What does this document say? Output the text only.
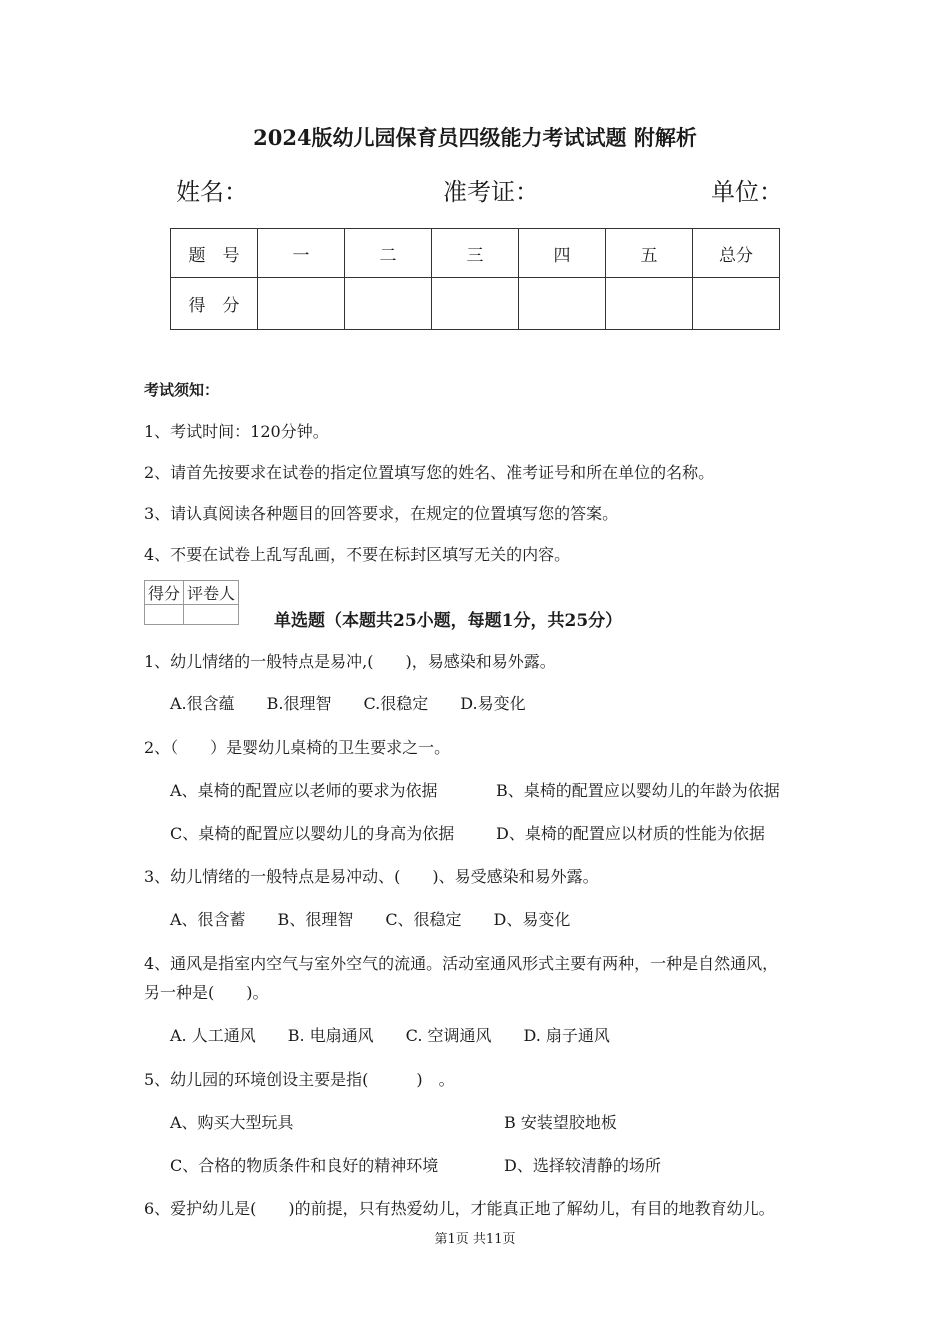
2024版幼儿园保育员四级能力考试试题 附解析
姓名：	准考证：	单位：
题　号	一	二	三	四	五	总分
得　分						
考试须知：
1、考试时间：120分钟。
2、请首先按要求在试卷的指定位置填写您的姓名、准考证号和所在单位的名称。
3、请认真阅读各种题目的回答要求，在规定的位置填写您的答案。
4、不要在试卷上乱写乱画，不要在标封区填写无关的内容。
得分	评卷人

单选题（本题共25小题，每题1分，共25分）
1、幼儿情绪的一般特点是易冲,(　　)，易感染和易外露。
A.很含蕴　　B.很理智　　C.很稳定　　D.易变化
2、（　　）是婴幼儿桌椅的卫生要求之一。
A、桌椅的配置应以老师的要求为依据	B、桌椅的配置应以婴幼儿的年龄为依据
C、桌椅的配置应以婴幼儿的身高为依据	D、桌椅的配置应以材质的性能为依据
3、幼儿情绪的一般特点是易冲动、(　　)、易受感染和易外露。
A、很含蓄　　B、很理智　　C、很稳定　　D、易变化
4、通风是指室内空气与室外空气的流通。活动室通风形式主要有两种，一种是自然通风，
另一种是(　　)。
A. 人工通风　　B. 电扇通风　　C. 空调通风　　D. 扇子通风
5、幼儿园的环境创设主要是指(　　　)　。
A、购买大型玩具	B 安装望胶地板
C、合格的物质条件和良好的精神环境	D、选择较清静的场所
6、爱护幼儿是(　　)的前提，只有热爱幼儿，才能真正地了解幼儿，有目的地教育幼儿。
第1页 共11页
